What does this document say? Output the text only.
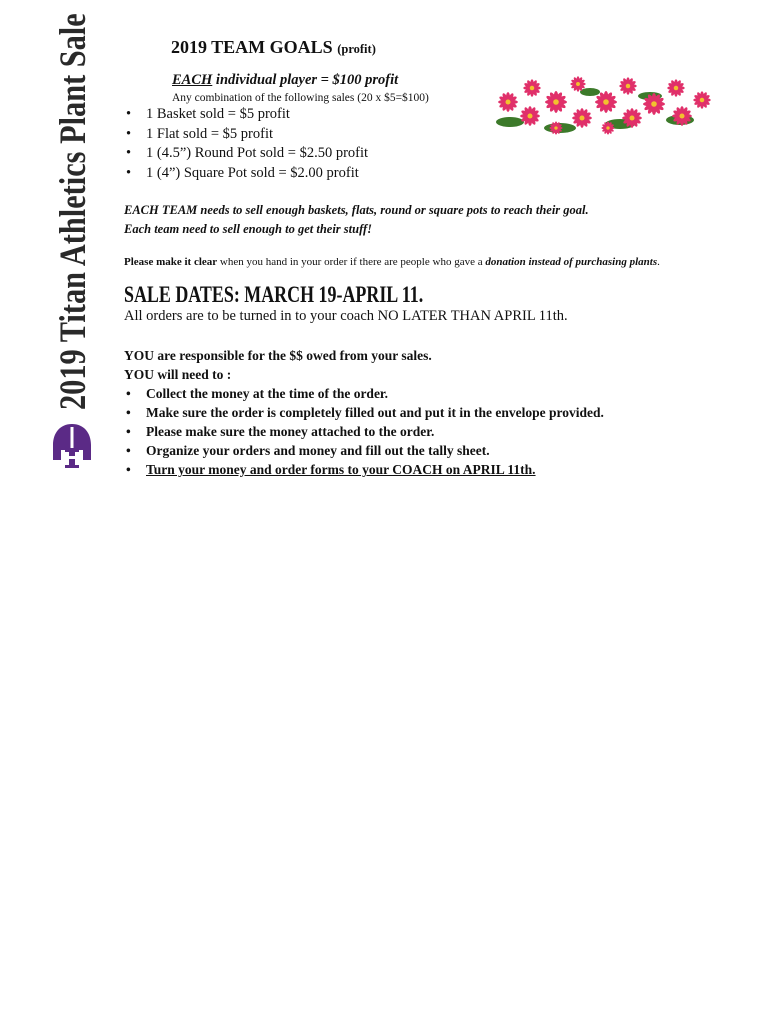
2019 Titan Athletics Plant Sale	2019 TEAM GOALS (profit)
EACH individual player = $100 profit
Any combination of the following sales (20 x $5=$100)
• 1 Basket sold = $5 profit
• 1 Flat sold = $5 profit
• 1 (4.5”) Round Pot sold = $2.50 profit
• 1 (4”) Square Pot sold = $2.00 profit
EACH TEAM needs to sell enough baskets, flats, round or square pots to reach their goal.
Each team need to sell enough to get their stuff!
Please make it clear when you hand in your order if there are people who gave a donation instead of purchasing plants.
SALE DATES: MARCH 19-APRIL 11.
All orders are to be turned in to your coach NO LATER THAN APRIL 11th.
YOU are responsible for the $$ owed from your sales.
YOU will need to :
• Collect the money at the time of the order.
• Make sure the order is completely filled out and put it in the envelope provided.
• Please make sure the money attached to the order.
• Organize your orders and money and fill out the tally sheet.
• Turn your money and order forms to your COACH on APRIL 11th.
